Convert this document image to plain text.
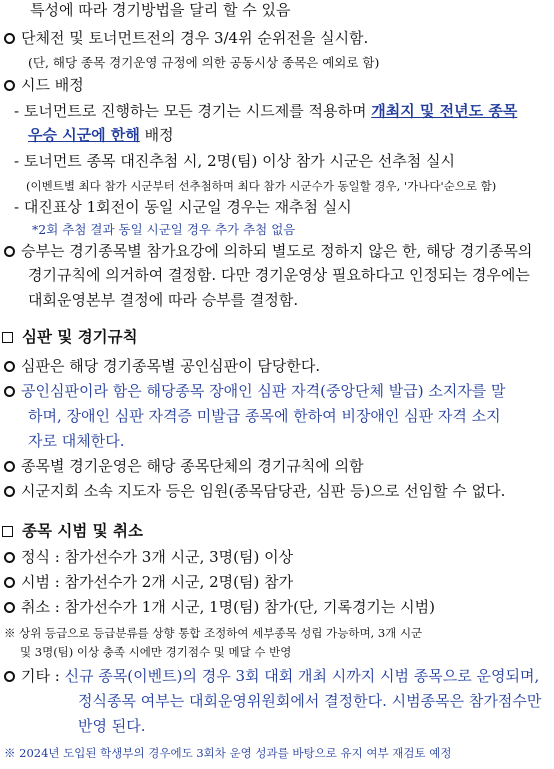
특성에 따라 경기방법을 달리 할 수 있음
단체전 및 토너먼트전의 경우 3/4위 순위전을 실시함.
(단, 해당 종목 경기운영 규정에 의한 공동시상 종목은 예외로 함)
시드 배정
- 토너먼트로 진행하는 모든 경기는 시드제를 적용하며 개최지 및 전년도 종목
우승 시군에 한해 배정
- 토너먼트 종목 대진추첨 시, 2명(팀) 이상 참가 시군은 선추첨 실시
(이벤트별 최다 참가 시군부터 선추첨하며 최다 참가 시군수가 동일할 경우, '가나다'순으로 함)
- 대진표상 1회전이 동일 시군일 경우는 재추첨 실시
*2회 추첨 결과 동일 시군일 경우 추가 추첨 없음
승부는 경기종목별 참가요강에 의하되 별도로 정하지 않은 한, 해당 경기종목의
경기규칙에 의거하여 결정함. 다만 경기운영상 필요하다고 인정되는 경우에는
대회운영본부 결정에 따라 승부를 결정함.
심판 및 경기규칙
심판은 해당 경기종목별 공인심판이 담당한다.
공인심판이라 함은 해당종목 장애인 심판 자격(중앙단체 발급) 소지자를 말
하며, 장애인 심판 자격증 미발급 종목에 한하여 비장애인 심판 자격 소지
자로 대체한다.
종목별 경기운영은 해당 종목단체의 경기규칙에 의함
시군지회 소속 지도자 등은 임원(종목담당관, 심판 등)으로 선임할 수 없다.
종목 시범 및 취소
정식 : 참가선수가 3개 시군, 3명(팀) 이상
시범 : 참가선수가 2개 시군, 2명(팀) 참가
취소 : 참가선수가 1개 시군, 1명(팀) 참가(단, 기록경기는 시범)
※ 상위 등급으로 등급분류를 상향 통합 조정하여 세부종목 성립 가능하며, 3개 시군
및 3명(팀) 이상 충족 시에만 경기점수 및 메달 수 반영
기타 : 신규 종목(이벤트)의 경우 3회 대회 개최 시까지 시범 종목으로 운영되며,
정식종목 여부는 대회운영위원회에서 결정한다. 시범종목은 참가점수만
반영 된다.
※ 2024년 도입된 학생부의 경우에도 3회차 운영 성과를 바탕으로 유지 여부 재검토 예정
